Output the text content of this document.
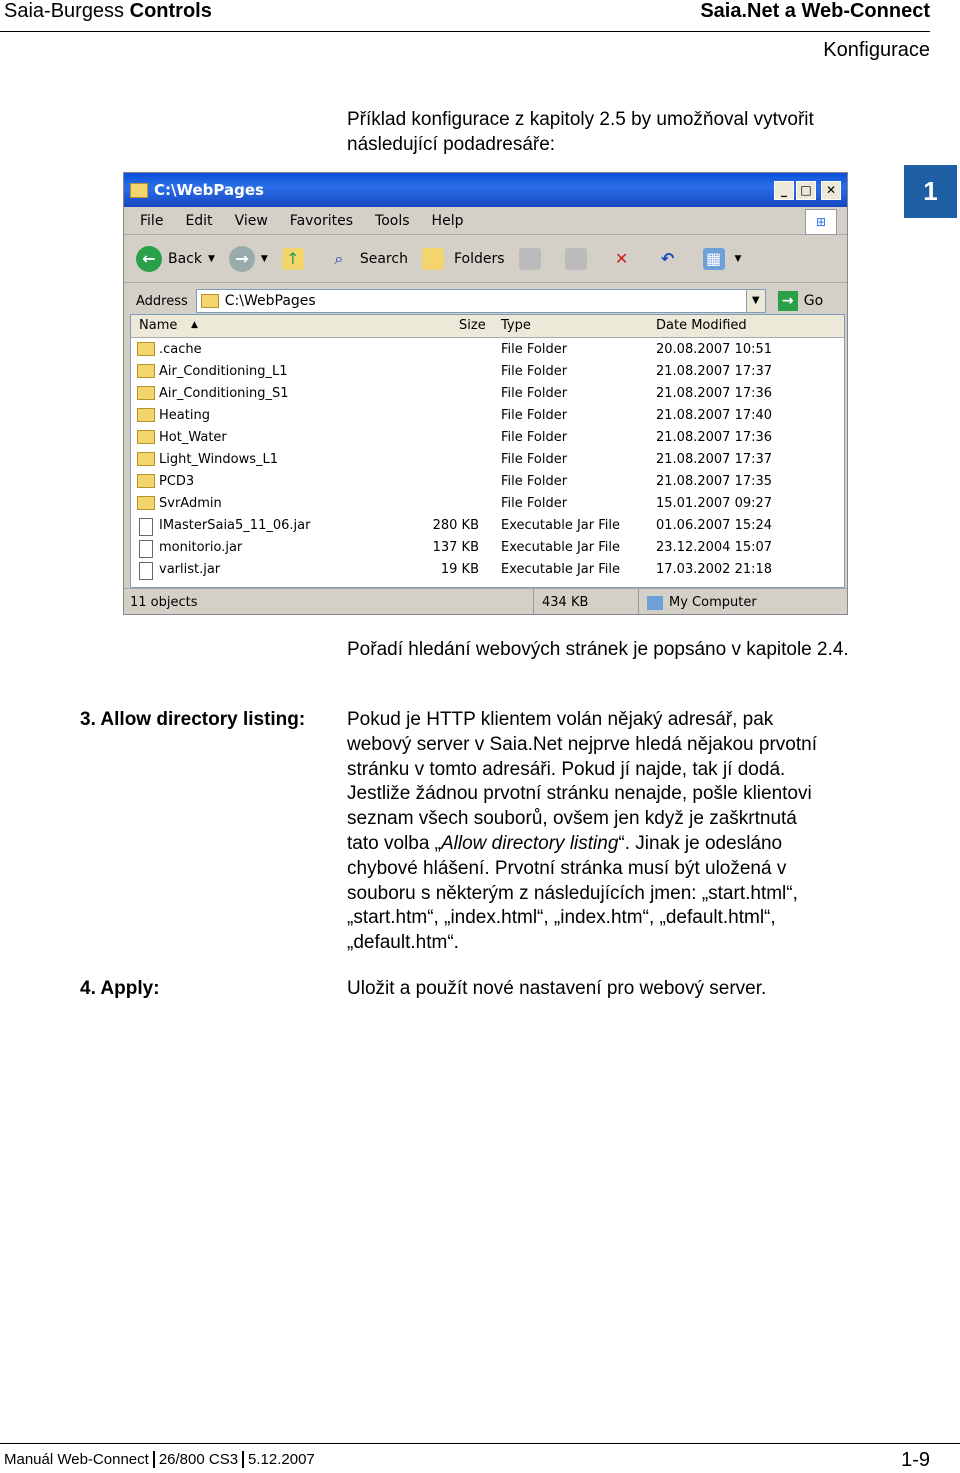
Saia-Burgess Controls	Saia.Net a Web-Connect
Konfigurace
1
Příklad konfigurace z kapitoly 2.5 by umožňoval vytvořit následující podadresáře:
C:\WebPages	_	□	✕
File Edit View Favorites Tools Help	⊞
← Back ▼	→	▼ ↑	⌕	Search	Folders	✕ ↶ ▦	▼
Address	C:\WebPages	▼	→ Go
Name ▲	Size Type	Date Modified
.cache	File Folder	20.08.2007 10:51
Air_Conditioning_L1	File Folder	21.08.2007 17:37
Air_Conditioning_S1	File Folder	21.08.2007 17:36
Heating	File Folder	21.08.2007 17:40
Hot_Water	File Folder	21.08.2007 17:36
Light_Windows_L1	File Folder	21.08.2007 17:37
PCD3	File Folder	21.08.2007 17:35
SvrAdmin	File Folder	15.01.2007 09:27
IMasterSaia5_11_06.jar	280 KB Executable Jar File	01.06.2007 15:24
monitorio.jar	137 KB Executable Jar File	23.12.2004 15:07
varlist.jar	19 KB Executable Jar File	17.03.2002 21:18
11 objects	434 KB	My Computer
Pořadí hledání webových stránek je popsáno v kapitole 2.4.
3. Allow directory listing: Pokud je HTTP klientem volán nějaký adresář, pak
webový server v Saia.Net nejprve hledá nějakou prvotní
stránku v tomto adresáři. Pokud jí najde, tak jí dodá.
Jestliže žádnou prvotní stránku nenajde, pošle klientovi
seznam všech souborů, ovšem jen když je zaškrtnutá
tato volba „Allow directory listing“. Jinak je odesláno
chybové hlášení. Prvotní stránka musí být uložená v
souboru s některým z následujících jmen: „start.html“,
„start.htm“, „index.html“, „index.htm“, „default.html“,
„default.htm“.
4. Apply:	Uložit a použít nové nastavení pro webový server.
Manuál Web-Connect 26/800 CS3 5.12.2007	1-9
